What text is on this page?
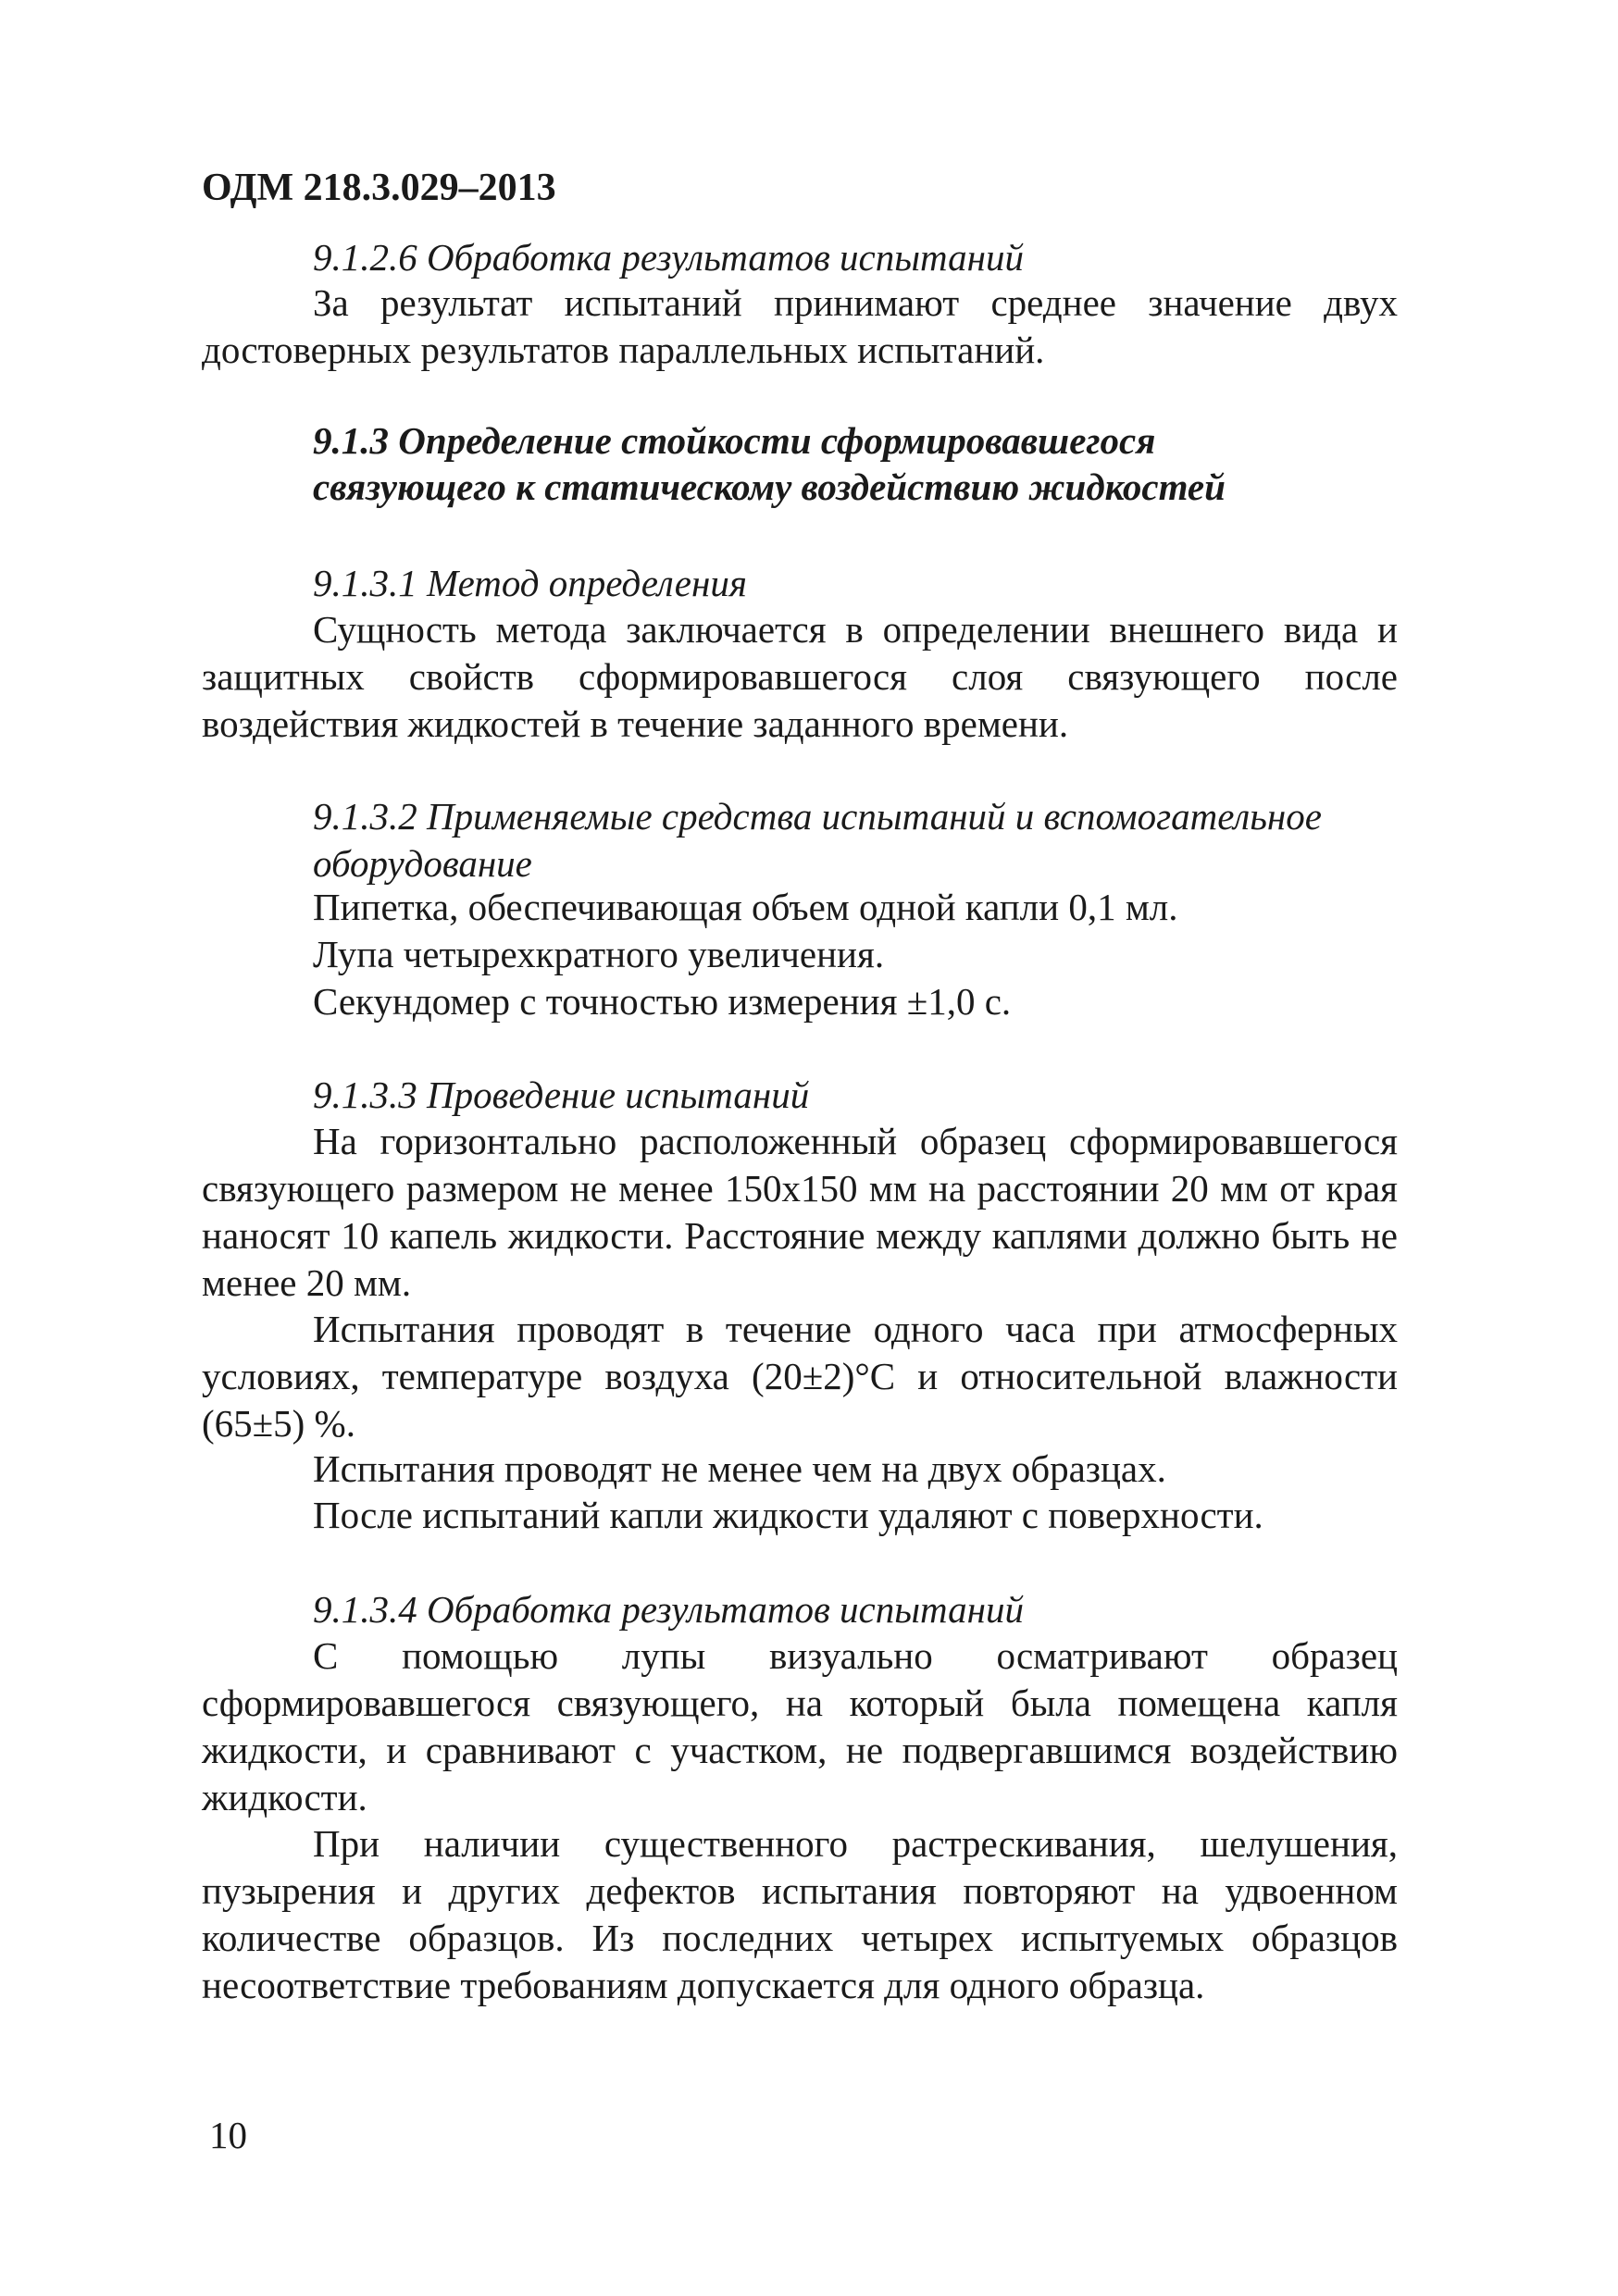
ОДМ 218.3.029–2013
9.1.2.6 Обработка результатов испытаний
За результат испытаний принимают среднее значение двух достоверных результатов параллельных испытаний.
9.1.3 Определение стойкости сформировавшегося
связующего к статическому воздействию жидкостей
9.1.3.1 Метод определения
Сущность метода заключается в определении внешнего вида и защитных свойств сформировавшегося слоя связующего после воздействия жидкостей в течение заданного времени.
9.1.3.2 Применяемые средства испытаний и вспомогательное оборудование

Пипетка, обеспечивающая объем одной капли 0,1 мл.

Лупа четырехкратного увеличения.

Секундомер с точностью измерения ±1,0 с.

9.1.3.3 Проведение испытаний
На горизонтально расположенный образец сформировавшегося связующего размером не менее 150x150 мм на расстоянии 20 мм от края наносят 10 капель жидкости. Расстояние между каплями должно быть не менее 20 мм.
Испытания проводят в течение одного часа при атмосферных условиях, температуре воздуха (20±2)°С и относительной влажности (65±5) %.
Испытания проводят не менее чем на двух образцах.
После испытаний капли жидкости удаляют с поверхности.
9.1.3.4 Обработка результатов испытаний
С помощью лупы визуально осматривают образец сформировавшегося связующего, на который была помещена капля жидкости, и сравнивают с участком, не подвергавшимся воздействию жидкости.
При наличии существенного растрескивания, шелушения, пузырения и других дефектов испытания повторяют на удвоенном количестве образцов. Из последних четырех испытуемых образцов несоответствие требованиям допускается для одного образца.
10
